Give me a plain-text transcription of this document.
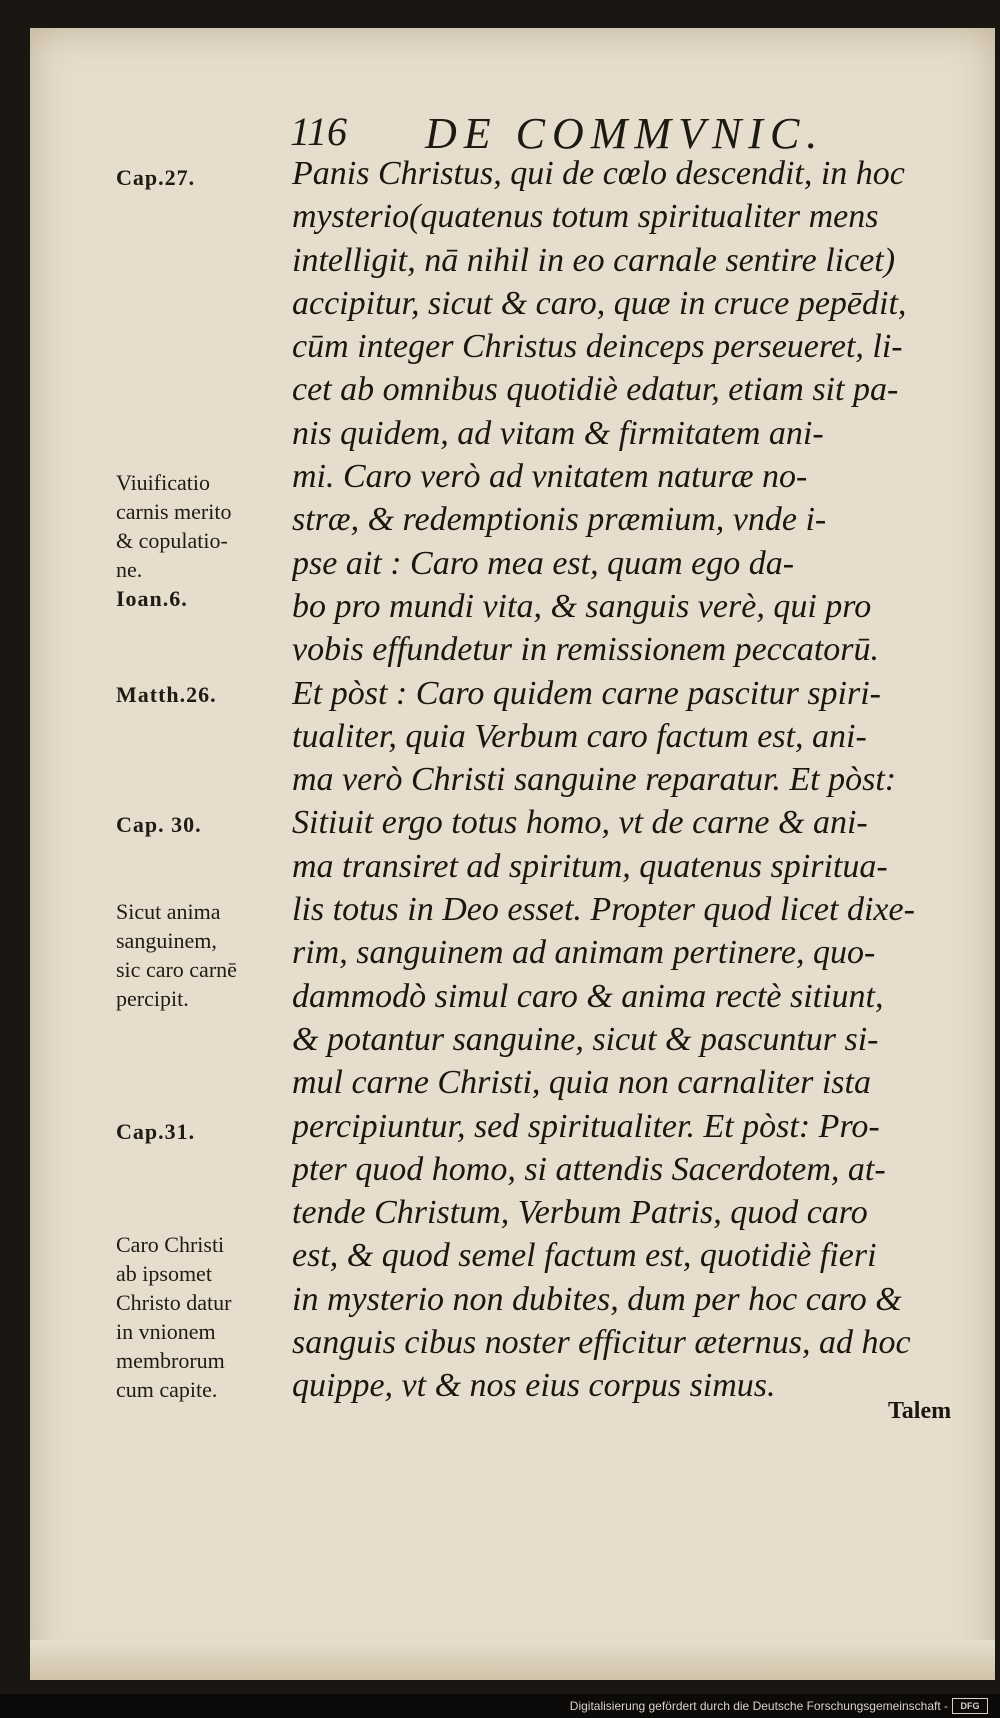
116 DE COMMVNIC.
Panis Christus, qui de cœlo descendit, in hoc
mysterio(quatenus totum spiritualiter mens
intelligit, nā nihil in eo carnale sentire licet)
accipitur, sicut & caro, quæ in cruce pepēdit,
cūm integer Christus deinceps perseueret, li-
cet ab omnibus quotidiè edatur, etiam sit pa-
nis quidem, ad vitam & firmitatem ani-
mi. Caro verò ad vnitatem naturæ no-
stræ, & redemptionis præmium, vnde i-
pse ait : Caro mea est, quam ego da-
bo pro mundi vita, & sanguis verè, qui pro
vobis effundetur in remissionem peccatorū.
Et pòst : Caro quidem carne pascitur spiri-
tualiter, quia Verbum caro factum est, ani-
ma verò Christi sanguine reparatur. Et pòst:
Sitiuit ergo totus homo, vt de carne & ani-
ma transiret ad spiritum, quatenus spiritua-
lis totus in Deo esset. Propter quod licet dixe-
rim, sanguinem ad animam pertinere, quo-
dammodò simul caro & anima rectè sitiunt,
& potantur sanguine, sicut & pascuntur si-
mul carne Christi, quia non carnaliter ista
percipiuntur, sed spiritualiter. Et pòst: Pro-
pter quod homo, si attendis Sacerdotem, at-
tende Christum, Verbum Patris, quod caro
est, & quod semel factum est, quotidiè fieri
in mysterio non dubites, dum per hoc caro &
sanguis cibus noster efficitur æternus, ad hoc
quippe, vt & nos eius corpus simus.
Talem
Cap.27.
Viuificatio
carnis merito
& copulatio-
ne.
Ioan.6.
Matth.26.
Cap. 30.
Sicut anima
sanguinem,
sic caro carnē
percipit.
Cap.31.
Caro Christi
ab ipsomet
Christo datur
in vnionem
membrorum
cum capite.
Digitalisierung gefördert durch die Deutsche Forschungsgemeinschaft -	DFG
